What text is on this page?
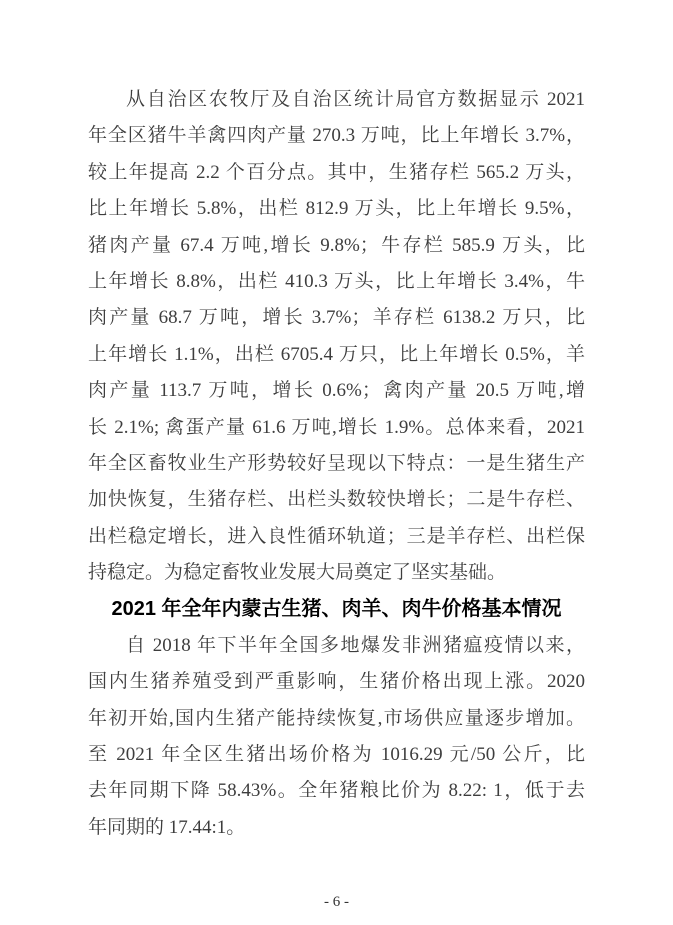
从自治区农牧厅及自治区统计局官方数据显示 2021
年全区猪牛羊禽四肉产量 270.3 万吨，比上年增长 3.7%，
较上年提高 2.2 个百分点。其中，生猪存栏 565.2 万头，
比上年增长 5.8%，出栏 812.9 万头，比上年增长 9.5%，
猪肉产量 67.4 万吨,增长 9.8%；牛存栏 585.9 万头，比
上年增长 8.8%，出栏 410.3 万头，比上年增长 3.4%，牛
肉产量 68.7 万吨，增长 3.7%；羊存栏 6138.2 万只，比
上年增长 1.1%，出栏 6705.4 万只，比上年增长 0.5%，羊
肉产量 113.7 万吨，增长 0.6%；禽肉产量 20.5 万吨,增
长 2.1%; 禽蛋产量 61.6 万吨,增长 1.9%。总体来看，2021
年全区畜牧业生产形势较好呈现以下特点：一是生猪生产
加快恢复，生猪存栏、出栏头数较快增长；二是牛存栏、
出栏稳定增长，进入良性循环轨道；三是羊存栏、出栏保
持稳定。为稳定畜牧业发展大局奠定了坚实基础。
2021 年全年内蒙古生猪、肉羊、肉牛价格基本情况
自 2018 年下半年全国多地爆发非洲猪瘟疫情以来，
国内生猪养殖受到严重影响，生猪价格出现上涨。2020
年初开始,国内生猪产能持续恢复,市场供应量逐步增加。
至 2021 年全区生猪出场价格为 1016.29 元/50 公斤，比
去年同期下降 58.43%。全年猪粮比价为 8.22: 1，低于去
年同期的 17.44:1。
- 6 -
